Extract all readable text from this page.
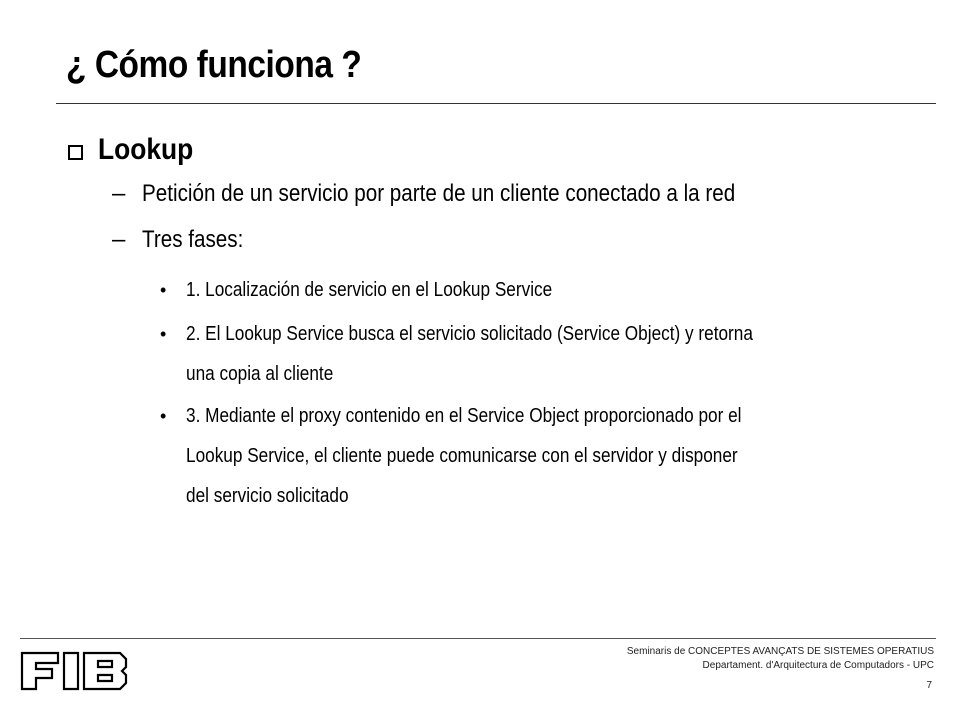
¿ Cómo funciona ?
Lookup
– Petición de un servicio por parte de un cliente conectado a la red
– Tres fases:
• 1. Localización de servicio en el Lookup Service
• 2. El Lookup Service busca el servicio solicitado (Service Object) y retorna
una copia al cliente
• 3. Mediante el proxy contenido en el Service Object proporcionado por el
Lookup Service, el cliente puede comunicarse con el servidor y disponer
del servicio solicitado
Seminaris de CONCEPTES AVANÇATS DE SISTEMES OPERATIUS
Departament. d'Arquitectura de Computadors - UPC
7
